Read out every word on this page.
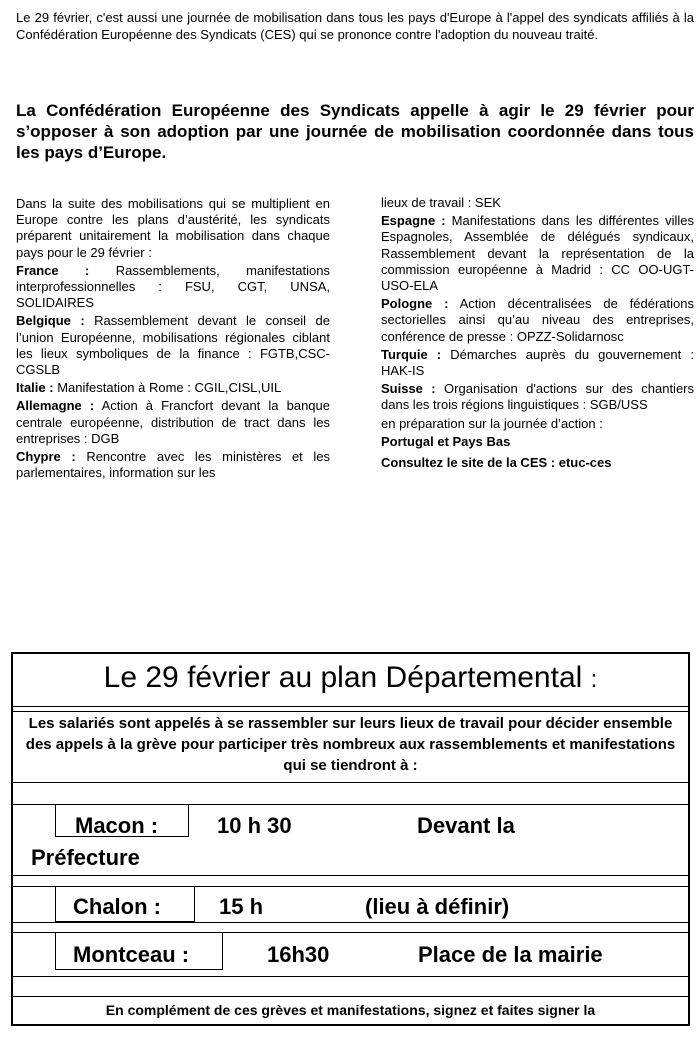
Le 29 février, c'est aussi une journée de mobilisation dans tous les pays d'Europe à l'appel des syndicats affiliés à la Confédération Européenne des Syndicats (CES) qui se prononce contre l'adoption du nouveau traité.

La Confédération Européenne des Syndicats appelle à agir le 29 février pour s’opposer à son adoption par une journée de mobilisation coordonnée dans tous les pays d’Europe.

Dans la suite des mobilisations qui se multiplient en Europe contre les plans d’austérité, les syndicats préparent unitairement la mobilisation dans chaque pays pour le 29 février :

France : Rassemblements, manifestations interprofessionnelles : FSU, CGT, UNSA, SOLIDAIRES

Belgique : Rassemblement devant le conseil de l’union Européenne, mobilisations régionales ciblant les lieux symboliques de la finance : FGTB,CSC-CGSLB

Italie : Manifestation à Rome : CGIL,CISL,UIL

Allemagne : Action à Francfort devant la banque centrale européenne, distribution de tract dans les entreprises : DGB

Chypre : Rencontre avec les ministères et les parlementaires, information sur les

lieux de travail : SEK

Espagne : Manifestations dans les différentes villes Espagnoles, Assemblée de délégués syndicaux, Rassemblement devant la représentation de la commission européenne à Madrid : CC OO-UGT-USO-ELA

Pologne : Action décentralisées de fédérations sectorielles ainsi qu’au niveau des entreprises, conférence de presse : OPZZ-Solidarnosc

Turquie : Démarches auprès du gouvernement : HAK-IS

Suisse : Organisation d'actions sur des chantiers dans les trois régions linguistiques : SGB/USS

en préparation sur la journée d’action :

Portugal et Pays Bas

Consultez le site de la CES : etuc-ces

Le 29 février au plan Départemental :
Les salariés sont appelés à se rassembler sur leurs lieux de travail pour décider ensemble des appels à la grève pour participer très nombreux aux rassemblements et manifestations qui se tiendront à :
Macon :	10 h 30	Devant la
Préfecture
Chalon :	15 h	(lieu à définir)
Montceau :	16h30	Place de la mairie
En complément de ces grèves et manifestations, signez et faites signer la
